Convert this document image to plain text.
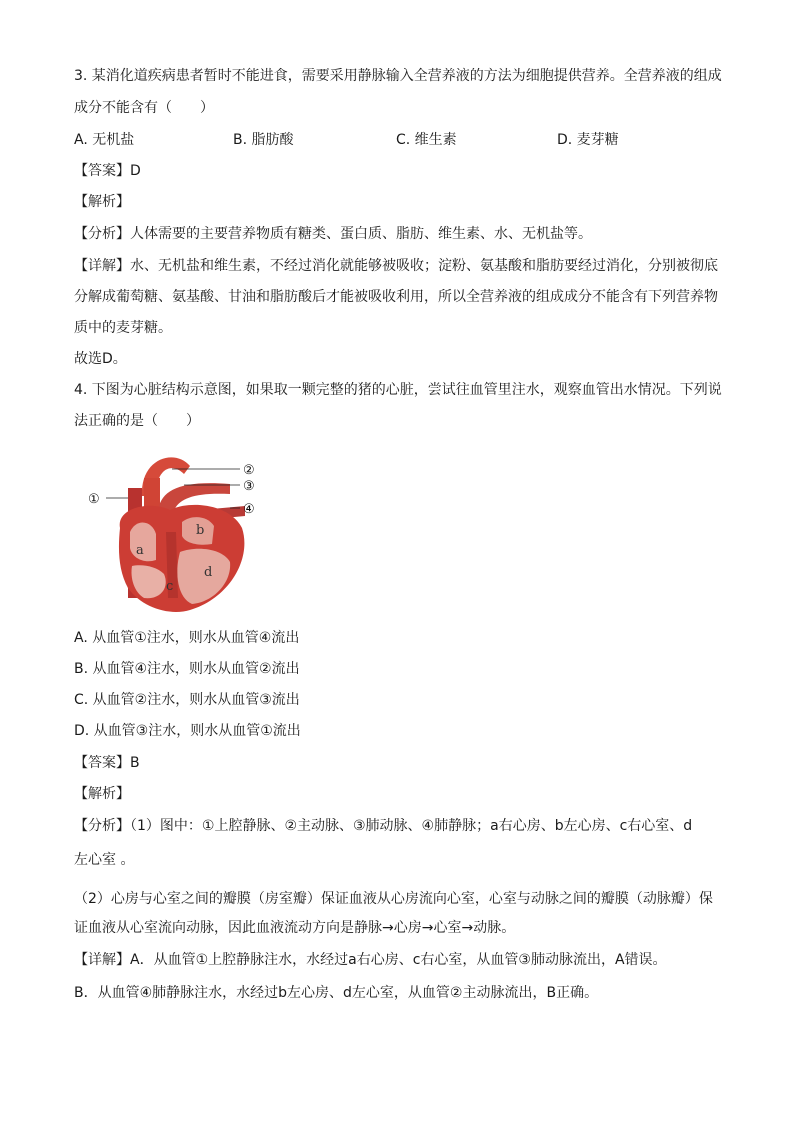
3. 某消化道疾病患者暂时不能进食，需要采用静脉输入全营养液的方法为细胞提供营养。全营养液的组成
成分不能含有（　　）
A. 无机盐	B. 脂肪酸	C. 维生素	D. 麦芽糖
【答案】D
【解析】
【分析】人体需要的主要营养物质有糖类、蛋白质、脂肪、维生素、水、无机盐等。
【详解】水、无机盐和维生素，不经过消化就能够被吸收；淀粉、氨基酸和脂肪要经过消化，分别被彻底
分解成葡萄糖、氨基酸、甘油和脂肪酸后才能被吸收利用，所以全营养液的组成成分不能含有下列营养物
质中的麦芽糖。
故选D。
4. 下图为心脏结构示意图，如果取一颗完整的猪的心脏，尝试往血管里注水，观察血管出水情况。下列说
法正确的是（　　）
①
②
③
④
a
b
c
d
A. 从血管①注水，则水从血管④流出
B. 从血管④注水，则水从血管②流出
C. 从血管②注水，则水从血管③流出
D. 从血管③注水，则水从血管①流出
【答案】B
【解析】
【分析】（1）图中：①上腔静脉、②主动脉、③肺动脉、④肺静脉；a右心房、b左心房、c右心室、d
左心室 。
（2）心房与心室之间的瓣膜（房室瓣）保证血液从心房流向心室，心室与动脉之间的瓣膜（动脉瓣）保
证血液从心室流向动脉，因此血液流动方向是静脉→心房→心室→动脉。
【详解】A．从血管①上腔静脉注水，水经过a右心房、c右心室，从血管③肺动脉流出，A错误。
B．从血管④肺静脉注水，水经过b左心房、d左心室，从血管②主动脉流出，B正确。
